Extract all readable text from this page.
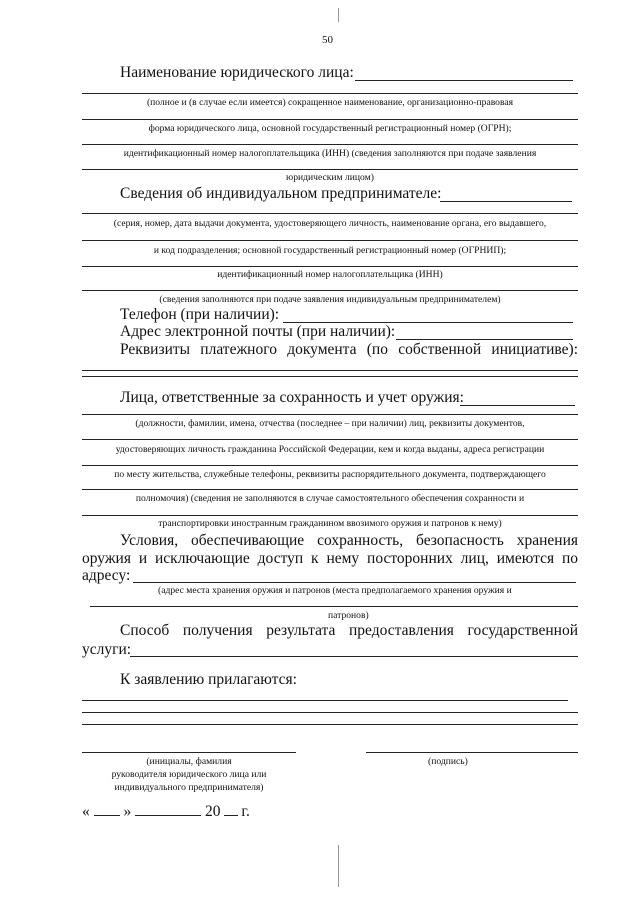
50
Наименование юридического лица:
(полное и (в случае если имеется) сокращенное наименование, организационно-правовая
форма юридического лица, основной государственный регистрационный номер (ОГРН);
идентификационный номер налогоплательщика (ИНН) (сведения заполняются при подаче заявления
юридическим лицом)
Сведения об индивидуальном предпринимателе:
(серия, номер, дата выдачи документа, удостоверяющего личность, наименование органа, его выдавшего,
и код подразделения; основной государственный регистрационный номер (ОГРНИП);
идентификационный номер налогоплательщика (ИНН)
(сведения заполняются при подаче заявления индивидуальным предпринимателем)
Телефон (при наличии):
Адрес электронной почты (при наличии):
Реквизиты платежного документа (по собственной инициативе):
Лица, ответственные за сохранность и учет оружия:
(должности, фамилии, имена, отчества (последнее – при наличии) лиц, реквизиты документов,
удостоверяющих личность гражданина Российской Федерации, кем и когда выданы, адреса регистрации
по месту жительства, служебные телефоны, реквизиты распорядительного документа, подтверждающего
полномочия) (сведения не заполняются в случае самостоятельного обеспечения сохранности и
транспортировки иностранным гражданином ввозимого оружия и патронов к нему)
Условия, обеспечивающие сохранность, безопасность хранения
оружия и исключающие доступ к нему посторонних лиц, имеются по
адресу:
(адрес места хранения оружия и патронов (места предполагаемого хранения оружия и
патронов)
Способ получения результата предоставления государственной
услуги:
К заявлению прилагаются:
(инициалы, фамилия
руководителя юридического лица или
индивидуального предпринимателя)
(подпись)
« »	20 г.
